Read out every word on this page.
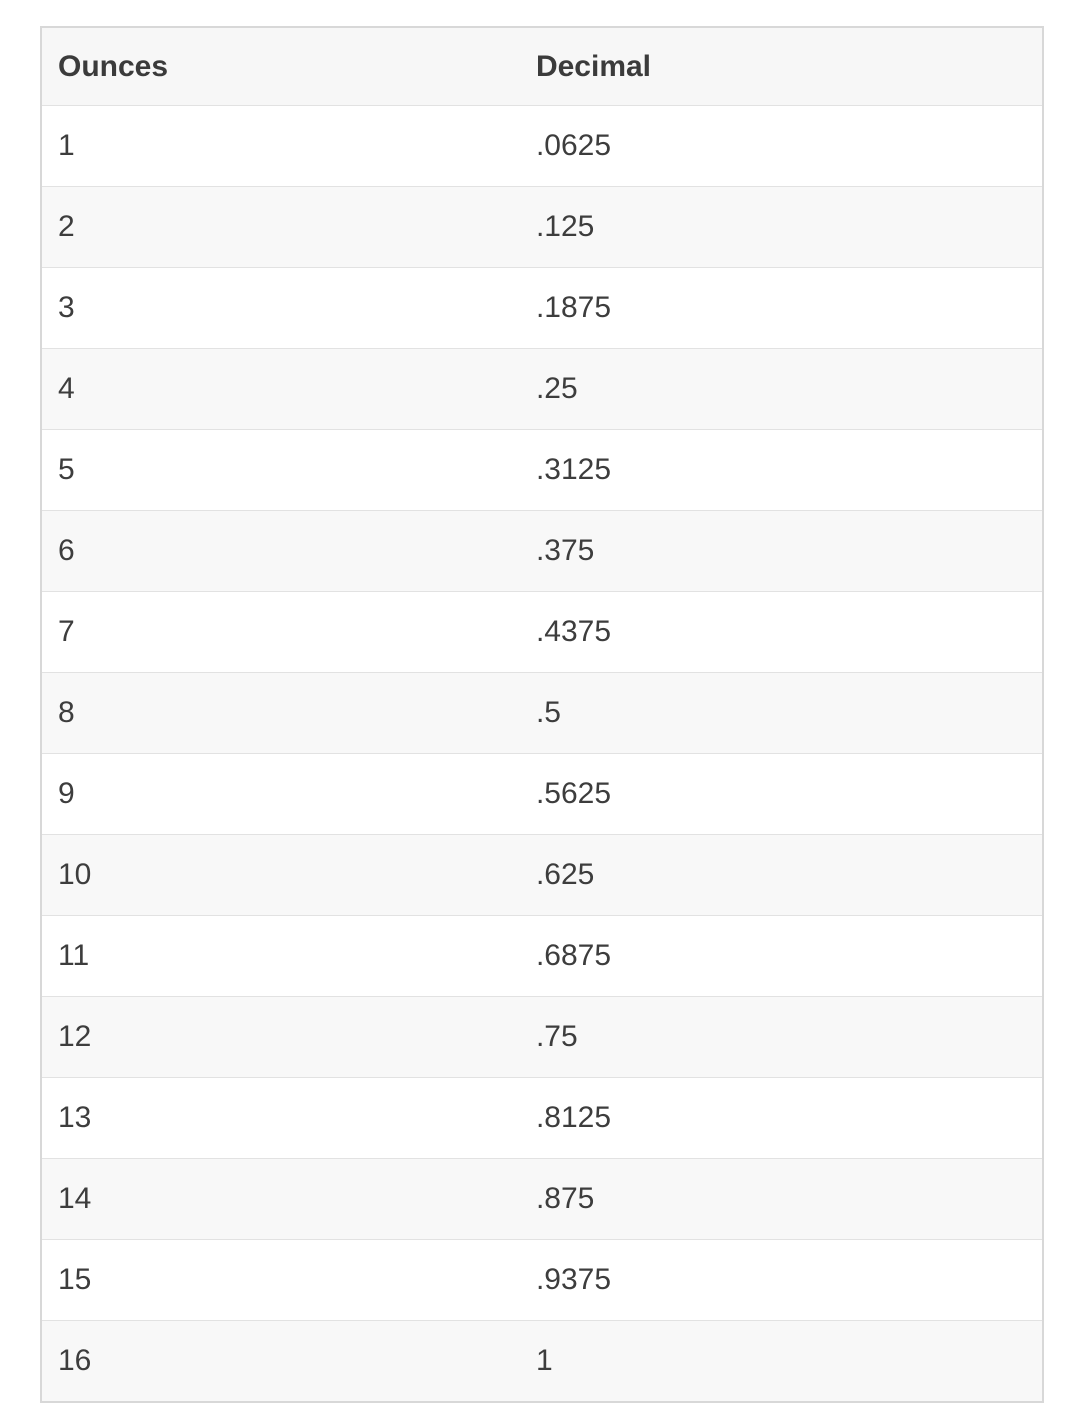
Ounces	Decimal
1	.0625
2	.125
3	.1875
4	.25
5	.3125
6	.375
7	.4375
8	.5
9	.5625
10	.625
11	.6875
12	.75
13	.8125
14	.875
15	.9375
16	1
